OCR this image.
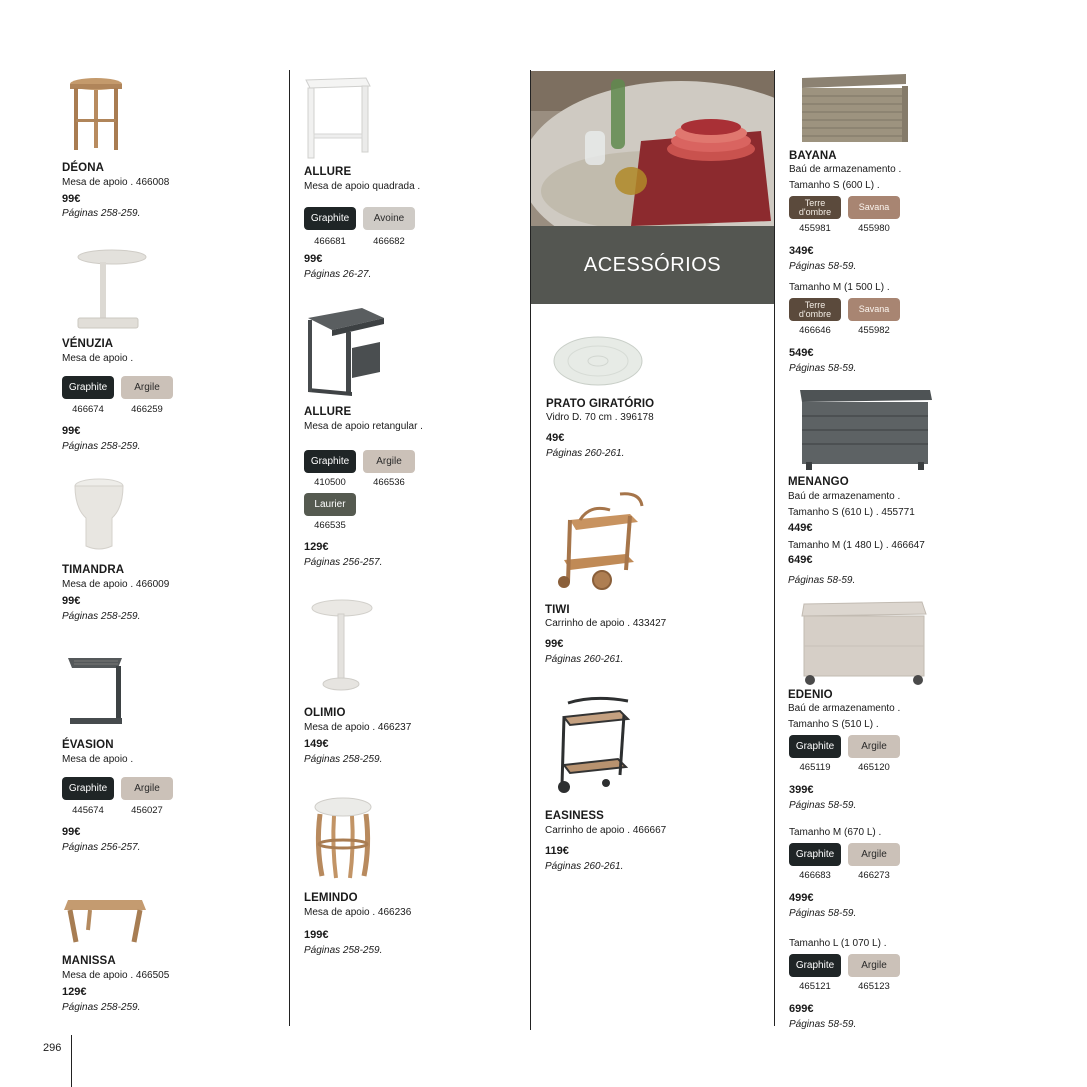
296
DÉONA
Mesa de apoio . 466008
99€
Páginas 258-259.
VÉNUZIA
Mesa de apoio .
Graphite	Argile
466674	466259
99€
Páginas 258-259.
TIMANDRA
Mesa de apoio . 466009
99€
Páginas 258-259.
ÉVASION
Mesa de apoio .
Graphite	Argile
445674	456027
99€
Páginas 256-257.
MANISSA
Mesa de apoio . 466505
129€
Páginas 258-259.
ALLURE
Mesa de apoio quadrada .
Graphite	Avoine
466681	466682
99€
Páginas 26-27.
ALLURE
Mesa de apoio retangular .
Graphite	Argile
410500	466536
Laurier
466535
129€
Páginas 256-257.
OLIMIO
Mesa de apoio . 466237
149€
Páginas 258-259.
LEMINDO
Mesa de apoio . 466236
199€
Páginas 258-259.
ACESSÓRIOS
PRATO GIRATÓRIO
Vidro D. 70 cm . 396178
49€
Páginas 260-261.
TIWI
Carrinho de apoio . 433427
99€
Páginas 260-261.
EASINESS
Carrinho de apoio . 466667
119€
Páginas 260-261.
BAYANA
Baú de armazenamento .
Tamanho S (600 L) .
Terre d'ombre	Savana
455981	455980
349€
Páginas 58-59.
Tamanho M (1 500 L) .
Terre d'ombre	Savana
466646	455982
549€
Páginas 58-59.
MENANGO
Baú de armazenamento .
Tamanho S (610 L) . 455771
449€
Tamanho M (1 480 L) . 466647
649€
Páginas 58-59.
EDENIO
Baú de armazenamento .
Tamanho S (510 L) .
Graphite	Argile
465119	465120
399€
Páginas 58-59.
Tamanho M (670 L) .
Graphite	Argile
466683	466273
499€
Páginas 58-59.
Tamanho L (1 070 L) .
Graphite	Argile
465121	465123
699€
Páginas 58-59.
